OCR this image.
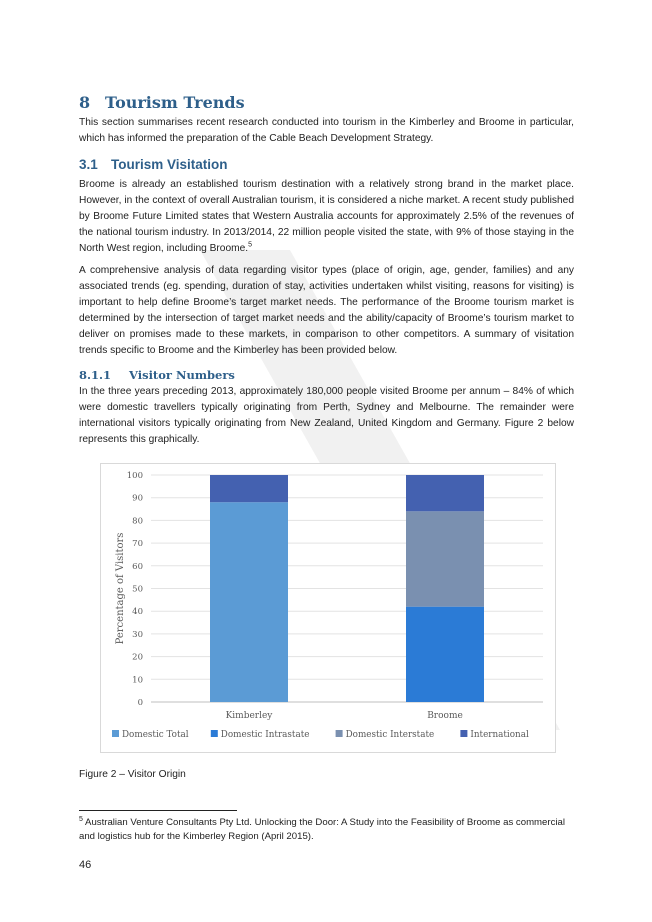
8 Tourism Trends

This section summarises recent research conducted into tourism in the Kimberley and Broome in particular, which has informed the preparation of the Cable Beach Development Strategy.

3.1 Tourism Visitation

Broome is already an established tourism destination with a relatively strong brand in the market place. However, in the context of overall Australian tourism, it is considered a niche market. A recent study published by Broome Future Limited states that Western Australia accounts for approximately 2.5% of the revenues of the national tourism industry. In 2013/2014, 22 million people visited the state, with 9% of those staying in the North West region, including Broome.$^5$

A comprehensive analysis of data regarding visitor types (place of origin, age, gender, families) and any associated trends (eg. spending, duration of stay, activities undertaken whilst visiting, reasons for visiting) is important to help define Broome’s target market needs. The performance of the Broome tourism market is determined by the intersection of target market needs and the ability/capacity of Broome’s tourism market to deliver on promises made to these markets, in comparison to other competitors. A summary of visitation trends specific to Broome and the Kimberley has been provided below.

8.1.1 Visitor Numbers

In the three years preceding 2013, approximately 180,000 people visited Broome per annum – 84% of which were domestic travellers typically originating from Perth, Sydney and Melbourne. The remainder were international visitors typically originating from New Zealand, United Kingdom and Germany. Figure 2 below represents this graphically.

0
10
20
30
40
50
60
70
80
90
100
Percentage of Visitors
Kimberley	Broome
Domestic Total	Domestic Intrastate	Domestic Interstate	International

Figure 2 – Visitor Origin

$^5$ Australian Venture Consultants Pty Ltd. Unlocking the Door: A Study into the Feasibility of Broome as commercial and logistics hub for the Kimberley Region (April 2015).

46
